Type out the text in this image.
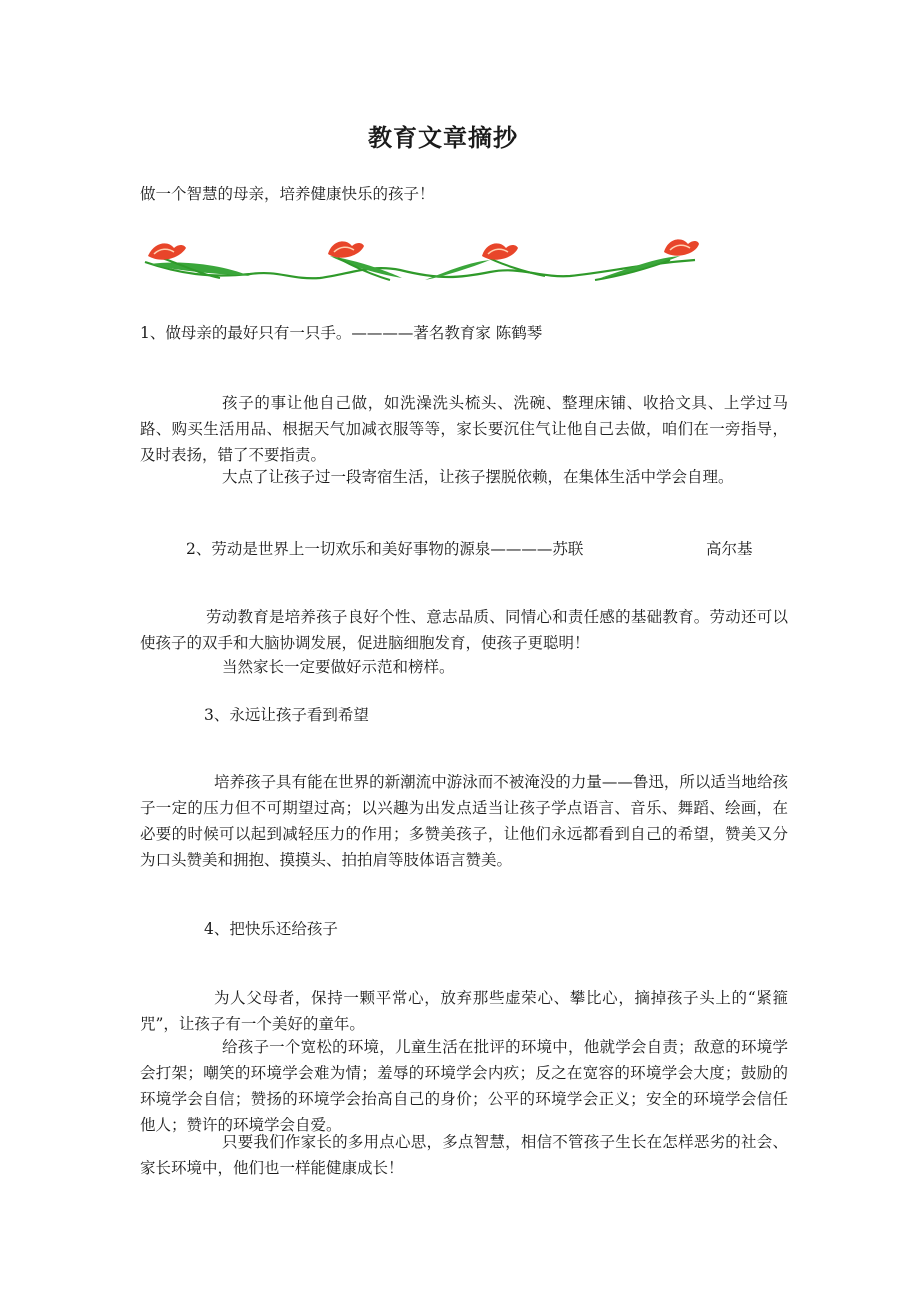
教育文章摘抄
做一个智慧的母亲，培养健康快乐的孩子！
1、做母亲的最好只有一只手。————著名教育家 陈鹤琴
孩子的事让他自己做，如洗澡洗头梳头、洗碗、整理床铺、收拾文具、上学过马路、购买生活用品、根据天气加减衣服等等，家长要沉住气让他自己去做，咱们在一旁指导，及时表扬，错了不要指责。
大点了让孩子过一段寄宿生活，让孩子摆脱依赖，在集体生活中学会自理。
2、劳动是世界上一切欢乐和美好事物的源泉————苏联	高尔基
劳动教育是培养孩子良好个性、意志品质、同情心和责任感的基础教育。劳动还可以使孩子的双手和大脑协调发展，促进脑细胞发育，使孩子更聪明！
当然家长一定要做好示范和榜样。
3、永远让孩子看到希望
培养孩子具有能在世界的新潮流中游泳而不被淹没的力量——鲁迅，所以适当地给孩子一定的压力但不可期望过高；以兴趣为出发点适当让孩子学点语言、音乐、舞蹈、绘画，在必要的时候可以起到减轻压力的作用；多赞美孩子，让他们永远都看到自己的希望，赞美又分为口头赞美和拥抱、摸摸头、拍拍肩等肢体语言赞美。
4、把快乐还给孩子
为人父母者，保持一颗平常心，放弃那些虚荣心、攀比心，摘掉孩子头上的“紧箍咒”，让孩子有一个美好的童年。
给孩子一个宽松的环境，儿童生活在批评的环境中，他就学会自责；敌意的环境学会打架；嘲笑的环境学会难为情；羞辱的环境学会内疚；反之在宽容的环境学会大度；鼓励的环境学会自信；赞扬的环境学会抬高自己的身价；公平的环境学会正义；安全的环境学会信任他人；赞许的环境学会自爱。
只要我们作家长的多用点心思，多点智慧，相信不管孩子生长在怎样恶劣的社会、家长环境中，他们也一样能健康成长！
